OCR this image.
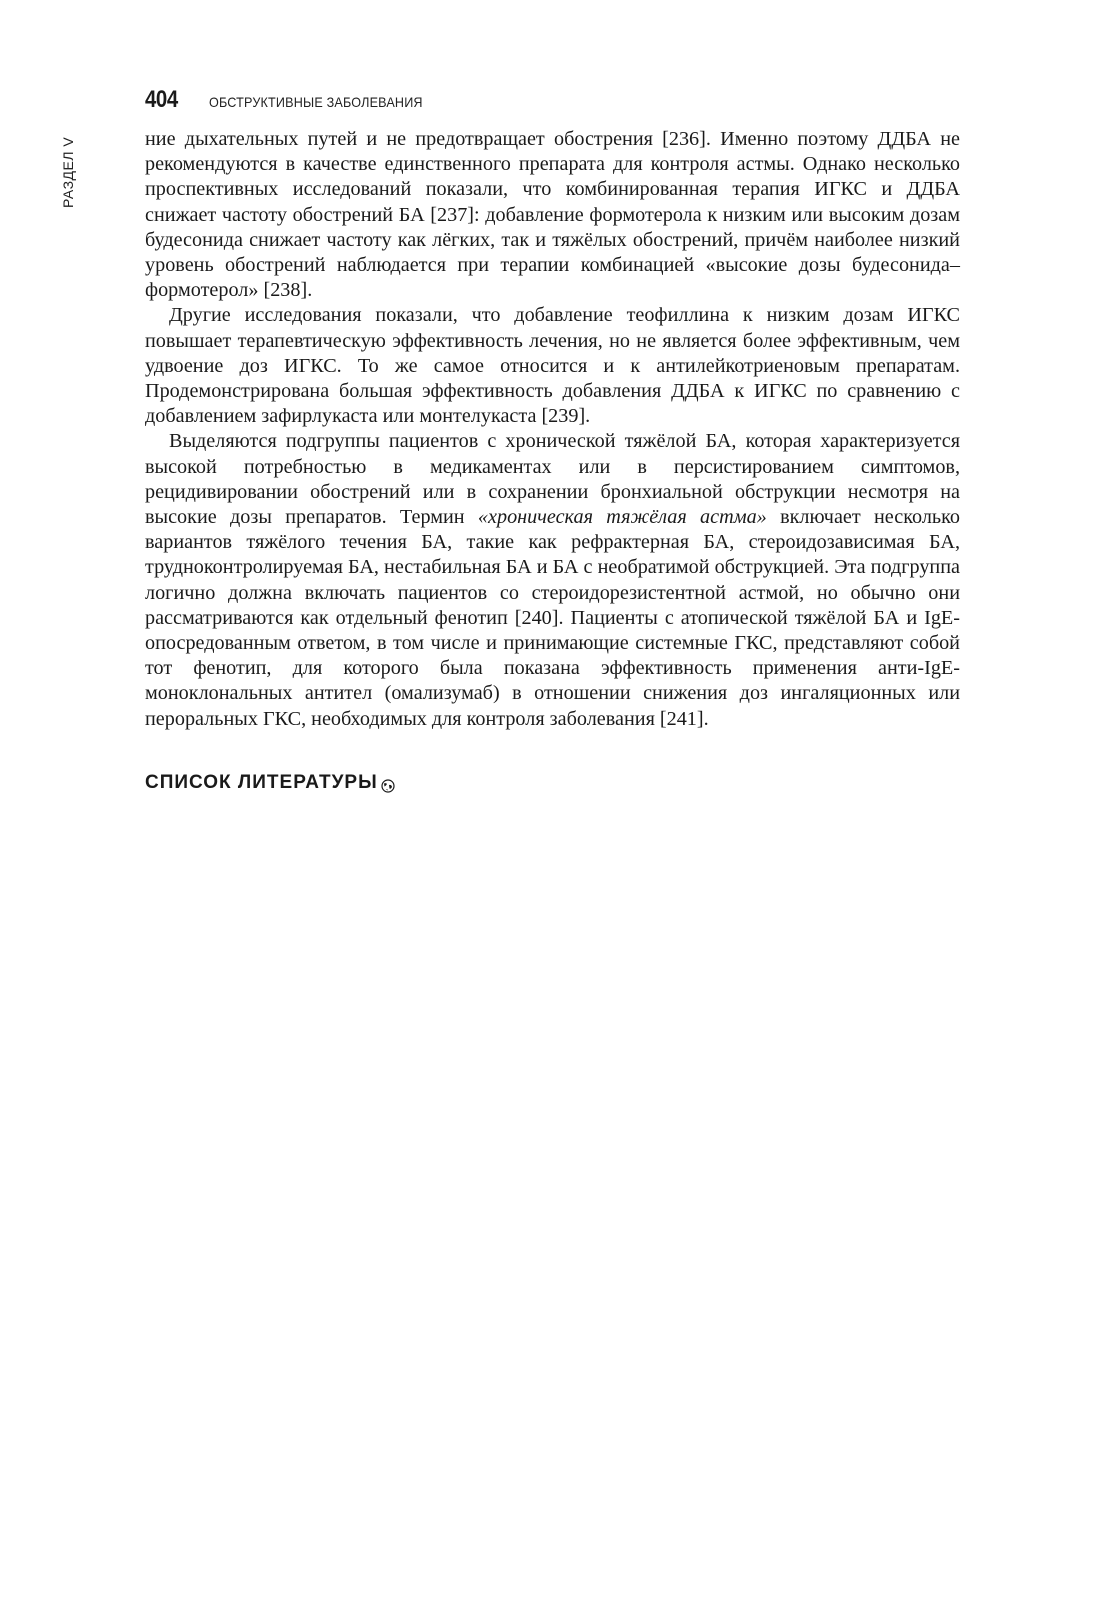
РАЗДЕЛ V
404	ОБСТРУКТИВНЫЕ ЗАБОЛЕВАНИЯ

ние дыхательных путей и не предотвращает обострения [236]. Именно поэтому ДДБА не рекомендуются в качестве единственного препарата для контроля астмы. Однако несколько проспективных исследований показали, что комбинированная терапия ИГКС и ДДБА снижает частоту обострений БА [237]: добавление формотерола к низким или высоким дозам будесонида снижает частоту как лёгких, так и тяжёлых обострений, причём наиболее низкий уровень обострений наблюдается при терапии комбинацией «высокие дозы будесонида–формотерол» [238].

Другие исследования показали, что добавление теофиллина к низким дозам ИГКС повышает терапевтическую эффективность лечения, но не является более эффективным, чем удвоение доз ИГКС. То же самое относится и к антилейкотриеновым препаратам. Продемонстрирована большая эффективность добавления ДДБА к ИГКС по сравнению с добавлением зафирлукаста или монтелукаста [239].

Выделяются подгруппы пациентов с хронической тяжёлой БА, которая характеризуется высокой потребностью в медикаментах или в персистированием симптомов, рецидивировании обострений или в сохранении бронхиальной обструкции несмотря на высокие дозы препаратов. Термин «хроническая тяжёлая астма» включает несколько вариантов тяжёлого течения БА, такие как рефрактерная БА, стероидозависимая БА, трудноконтролируемая БА, нестабильная БА и БА с необратимой обструкцией. Эта подгруппа логично должна включать пациентов со стероидорезистентной астмой, но обычно они рассматриваются как отдельный фенотип [240]. Пациенты с атопической тяжёлой БА и IgE-опосредованным ответом, в том числе и принимающие системные ГКС, представляют собой тот фенотип, для которого была показана эффективность применения анти-IgE-моноклональных антител (омализумаб) в отношении снижения доз ингаляционных или пероральных ГКС, необходимых для контроля заболевания [241].

СПИСОК ЛИТЕРАТУРЫ
